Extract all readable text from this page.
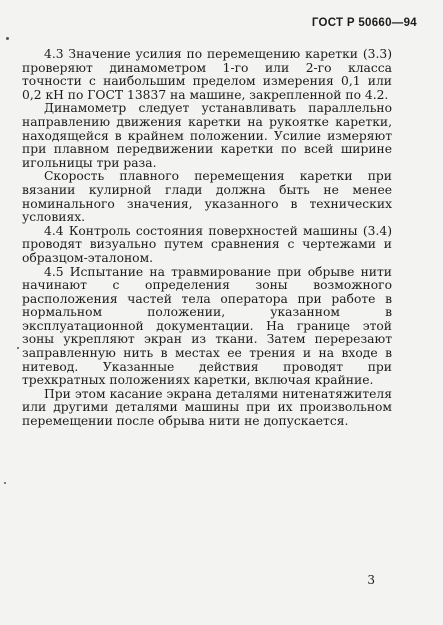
ГОСТ Р 50660—94

4.3 Значение усилия по перемещению каретки (3.3) проверяют динамометром 1-го или 2-го класса точности с наибольшим пределом измерения 0,1 или 0,2 кН по ГОСТ 13837 на машине, закрепленной по 4.2.

Динамометр следует устанавливать параллельно направлению движения каретки на рукоятке каретки, находящейся в крайнем положении. Усилие измеряют при плавном передвижении каретки по всей ширине игольницы три раза.

Скорость плавного перемещения каретки при вязании кулирной глади должна быть не менее номинального значения, указанного в технических условиях.

4.4 Контроль состояния поверхностей машины (3.4) проводят визуально путем сравнения с чертежами и образцом-эталоном.

4.5 Испытание на травмирование при обрыве нити начинают с определения зоны возможного расположения частей тела оператора при работе в нормальном положении, указанном в эксплуатационной документации. На границе этой зоны укрепляют экран из ткани. Затем перерезают заправленную нить в местах ее трения и на входе в нитевод. Указанные действия проводят при трехкратных положениях каретки, включая крайние.

При этом касание экрана деталями нитенатяжителя или другими деталями машины при их произвольном перемещении после обрыва нити не допускается.

3
